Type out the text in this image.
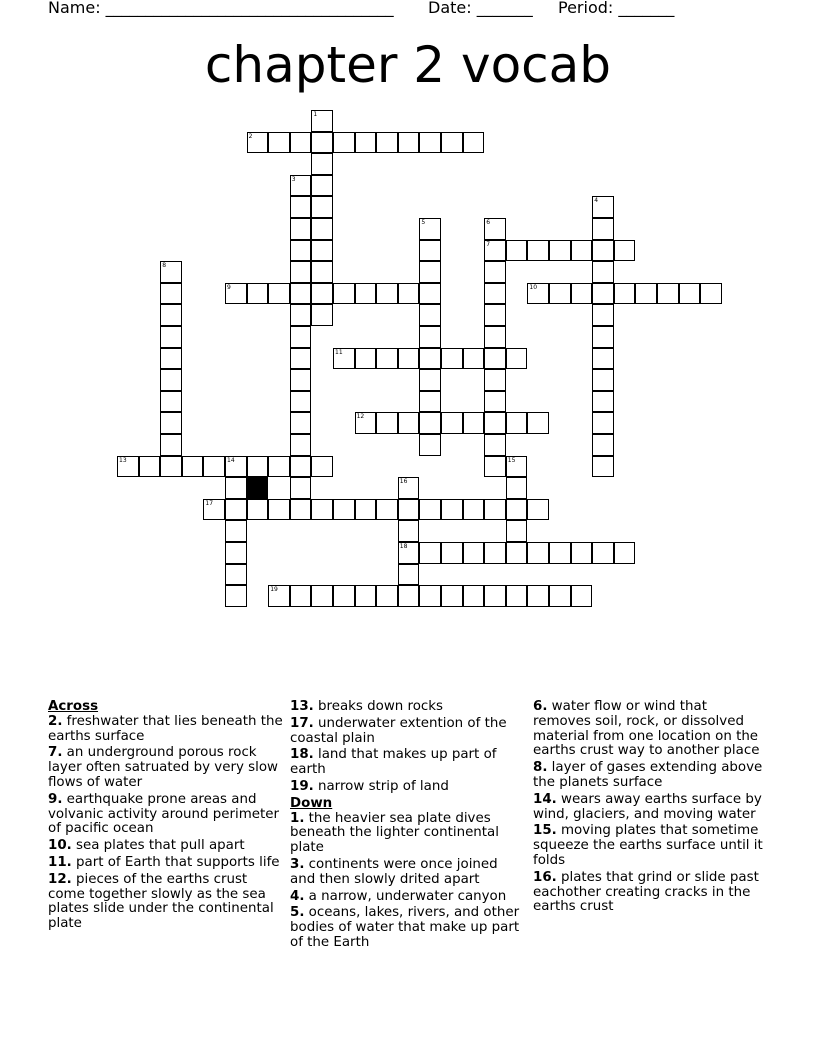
Name: ____________________________________ Date: _______ Period: _______
chapter 2 vocab
1
2
3
4
5	6
7
8
9	10
11
12
13	14	15
16
18
17
19
Across
2. freshwater that lies beneath the earths surface
7. an underground porous rock layer often satruated by very slow flows of water
9. earthquake prone areas and volvanic activity around perimeter of pacific ocean
10. sea plates that pull apart
11. part of Earth that supports life
12. pieces of the earths crust come together slowly as the sea plates slide under the continental plate
13. breaks down rocks
17. underwater extention of the coastal plain
18. land that makes up part of earth
19. narrow strip of land
Down
1. the heavier sea plate dives beneath the lighter continental plate
3. continents were once joined and then slowly drited apart
4. a narrow, underwater canyon
5. oceans, lakes, rivers, and other bodies of water that make up part of the Earth
6. water flow or wind that removes soil, rock, or dissolved material from one location on the earths crust way to another place
8. layer of gases extending above the planets surface
14. wears away earths surface by wind, glaciers, and moving water
15. moving plates that sometime squeeze the earths surface until it folds
16. plates that grind or slide past eachother creating cracks in the earths crust
